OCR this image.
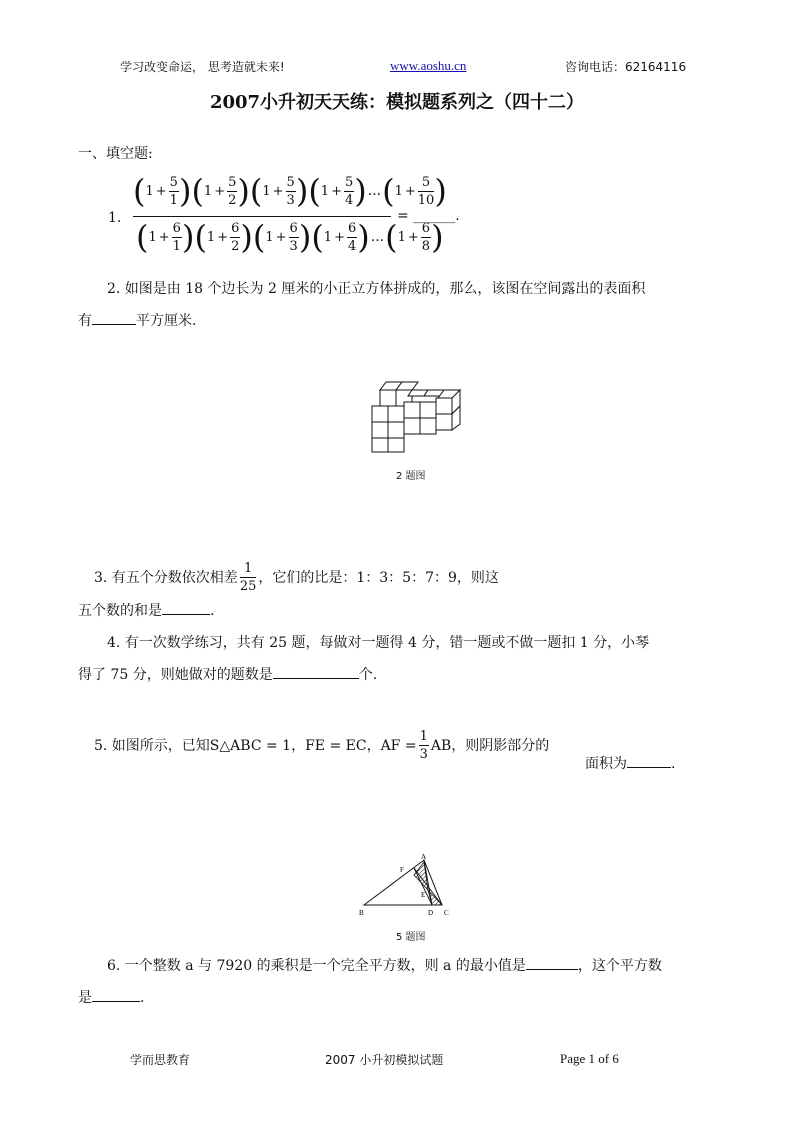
学习改变命运， 思考造就未来!	www.aoshu.cn	咨询电话：62164116
2007小升初天天练：模拟题系列之（四十二）
一、填空题:
1.
( $1 + \frac{5}{1}$ ) ( $1 + \frac{5}{2}$ ) ( $1 + \frac{5}{3}$ ) ( $1 + \frac{5}{4}$ ) ... ( $1 + \frac{5}{10}$ )
( $1 + \frac{6}{1}$ ) ( $1 + \frac{6}{2}$ ) ( $1 + \frac{6}{3}$ ) ( $1 + \frac{6}{4}$ ) ... ( $1 + \frac{6}{8}$ )
= ______.
2. 如图是由 18 个边长为 2 厘米的小正立方体拼成的，那么，该图在空间露出的表面积
有	平方厘米.
2 题图
3. 有五个分数依次相差 $\frac{1}{25}$ ，它们的比是：1：3：5：7：9，则这
五个数的和是	.
4. 有一次数学练习，共有 25 题，每做对一题得 4 分，错一题或不做一题扣 1 分，小琴
得了 75 分，则她做对的题数是	个.
5. 如图所示，已知S△ABC = 1，FE = EC，AF = $\frac{1}{3}$ AB，则阴影部分的
面积为	.
A
B	C
D
E
F
5 题图
6. 一个整数 a 与 7920 的乘积是一个完全平方数，则 a 的最小值是	，这个平方数
是	.
学而思教育	2007 小升初模拟试题	Page 1 of 6
